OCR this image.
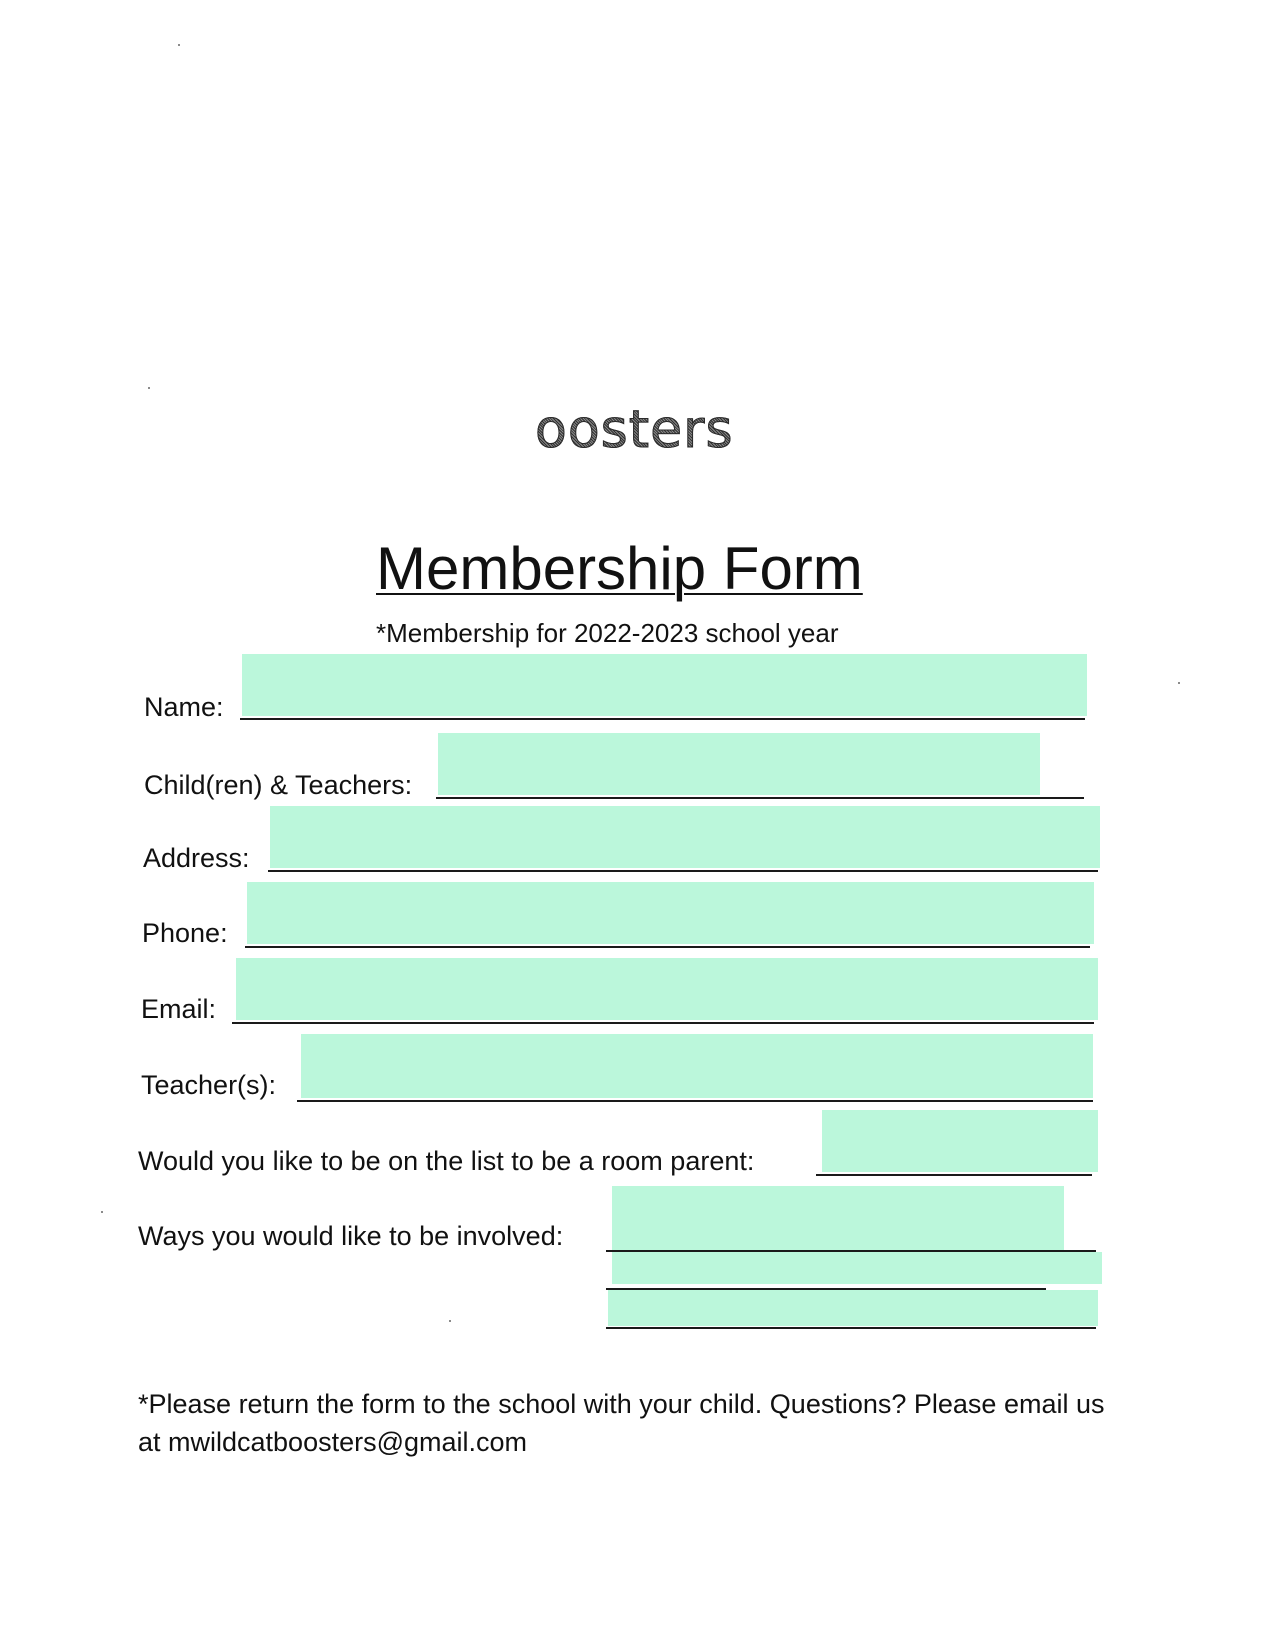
oosters
Membership Form
*Membership for 2022-2023 school year
Name:
Child(ren) & Teachers:
Address:
Phone:
Email:
Teacher(s):
Would you like to be on the list to be a room parent:
Ways you would like to be involved:
*Please return the form to the school with your child. Questions? Please email us at mwildcatboosters@gmail.com
